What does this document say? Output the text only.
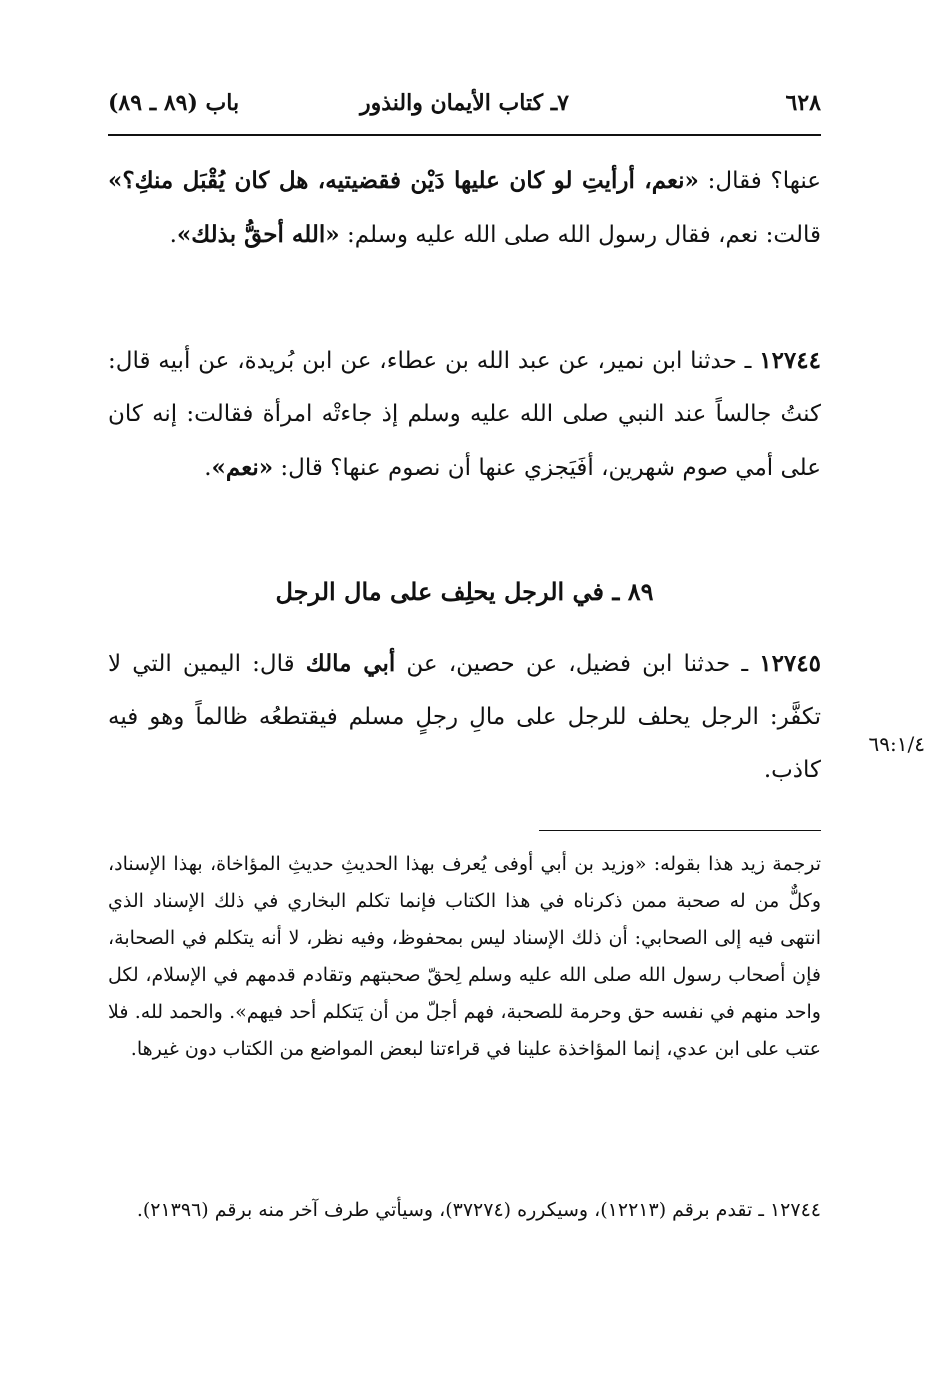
٦٢٨
٧ـ كتاب الأيمان والنذور
باب (٨٩ ـ ٨٩)

عنها؟ فقال: «نعم، أرأيتِ لو كان عليها دَيْن فقضيتيه، هل كان يُقْبَل منكِ؟» قالت: نعم، فقال رسول الله صلى الله عليه وسلم: «الله أحقُّ بذلك».

١٢٧٤٤ ـ حدثنا ابن نمير، عن عبد الله بن عطاء، عن ابن بُريدة، عن أبيه قال: كنتُ جالساً عند النبي صلى الله عليه وسلم إذ جاءتْه امرأة فقالت: إنه كان على أمي صوم شهرين، أفَيَجزي عنها أن نصوم عنها؟ قال: «نعم».

٨٩ ـ في الرجل يحلِف على مال الرجل

١٢٧٤٥ ـ حدثنا ابن فضيل، عن حصين، عن أبي مالك قال: اليمين التي لا تكفَّر: الرجل يحلف للرجل على مالِ رجلٍ مسلم فيقتطعُه ظالماً وهو فيه كاذب.

٦٩:١/٤

ترجمة زيد هذا بقوله: «وزيد بن أبي أوفى يُعرف بهذا الحديثِ حديثِ المؤاخاة، بهذا الإسناد، وكلٌّ من له صحبة ممن ذكرناه في هذا الكتاب فإنما تكلم البخاري في ذلك الإسناد الذي انتهى فيه إلى الصحابي: أن ذلك الإسناد ليس بمحفوظ، وفيه نظر، لا أنه يتكلم في الصحابة، فإن أصحاب رسول الله صلى الله عليه وسلم لِحقّ صحبتهم وتقادم قدمهم في الإسلام، لكل واحد منهم في نفسه حق وحرمة للصحبة، فهم أجلّ من أن يَتكلم أحد فيهم». والحمد لله. فلا عتب على ابن عدي، إنما المؤاخذة علينا في قراءتنا لبعض المواضع من الكتاب دون غيرها.

١٢٧٤٤ ـ تقدم برقم (١٢٢١٣)، وسيكرره (٣٧٢٧٤)، وسيأتي طرف آخر منه برقم (٢١٣٩٦).
